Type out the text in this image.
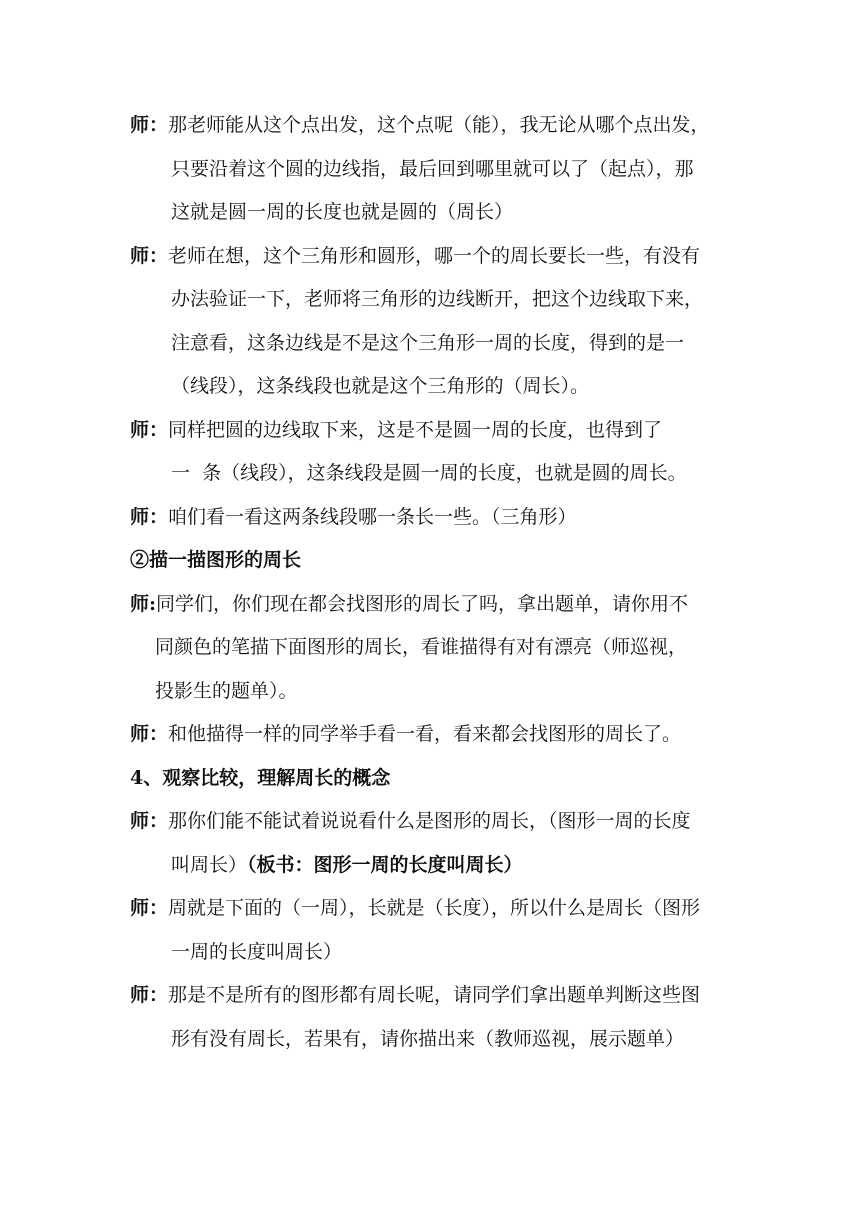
师：那老师能从这个点出发，这个点呢（能），我无论从哪个点出发，
只要沿着这个圆的边线指，最后回到哪里就可以了（起点），那
这就是圆一周的长度也就是圆的（周长）
师：老师在想，这个三角形和圆形，哪一个的周长要长一些，有没有
办法验证一下，老师将三角形的边线断开，把这个边线取下来，
注意看，这条边线是不是这个三角形一周的长度，得到的是一
（线段），这条线段也就是这个三角形的（周长）。
师：同样把圆的边线取下来，这是不是圆一周的长度，也得到了
一  条（线段），这条线段是圆一周的长度，也就是圆的周长。
师：咱们看一看这两条线段哪一条长一些。（三角形）
②描一描图形的周长
师:同学们，你们现在都会找图形的周长了吗，拿出题单，请你用不
同颜色的笔描下面图形的周长，看谁描得有对有漂亮（师巡视，
投影生的题单）。
师：和他描得一样的同学举手看一看，看来都会找图形的周长了。
4、观察比较，理解周长的概念
师：那你们能不能试着说说看什么是图形的周长，（图形一周的长度
叫周长）（板书：图形一周的长度叫周长）
师：周就是下面的（一周），长就是（长度），所以什么是周长（图形
一周的长度叫周长）
师：那是不是所有的图形都有周长呢，请同学们拿出题单判断这些图
形有没有周长，若果有，请你描出来（教师巡视，展示题单）
